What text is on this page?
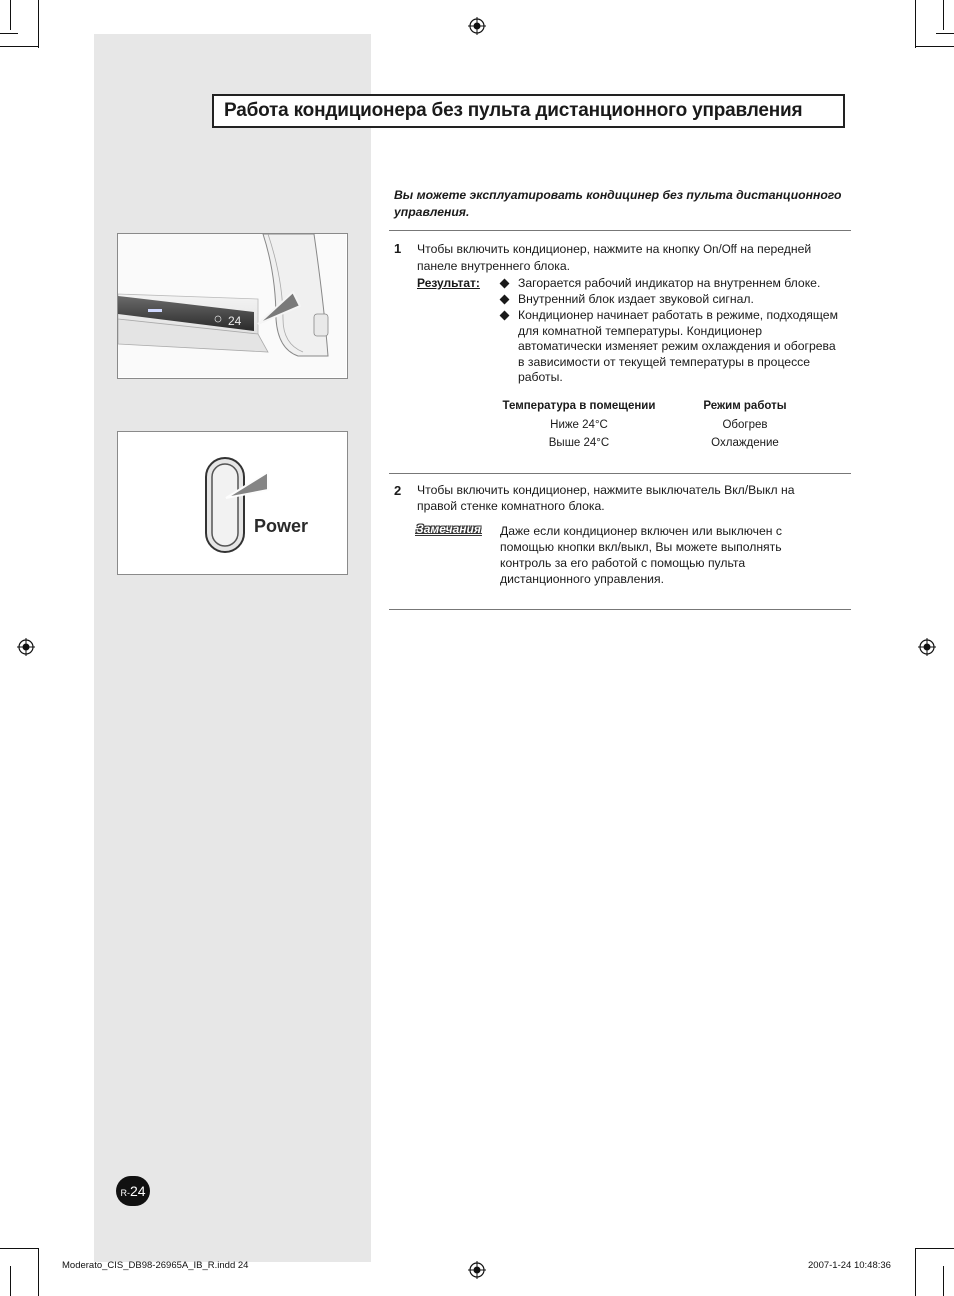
Работа кондиционера без пульта дистанционного управления
Вы можете эксплуатировать кондицинер без пульта дистанционного управления.
1 Чтобы включить кондиционер, нажмите на кнопку On/Off на передней панеле внутреннего блока.
Результат:	Загорается рабочий индикатор на внутреннем блоке.
Внутренний блок издает звуковой сигнал.
Кондиционер начинает работать в режиме, подходящем для комнатной температуры. Кондиционер автоматически изменяет режим охлаждения и обогрева в зависимости от текущей температуры в процессе работы.
Температура в помещении	Режим работы
Ниже 24°C	Обогрев
Выше 24°C	Охлаждение
2 Чтобы включить кондиционер, нажмите выключатель Вкл/Выкл на правой стенке комнатного блока.
Замечания Даже если кондиционер включен или выключен с помощью кнопки вкл/выкл, Вы можете выполнять контроль за его работой с помощью пульта дистанционного управления.
24
Power
R-24
Moderato_CIS_DB98-26965A_IB_R.indd 24	2007-1-24 10:48:36
